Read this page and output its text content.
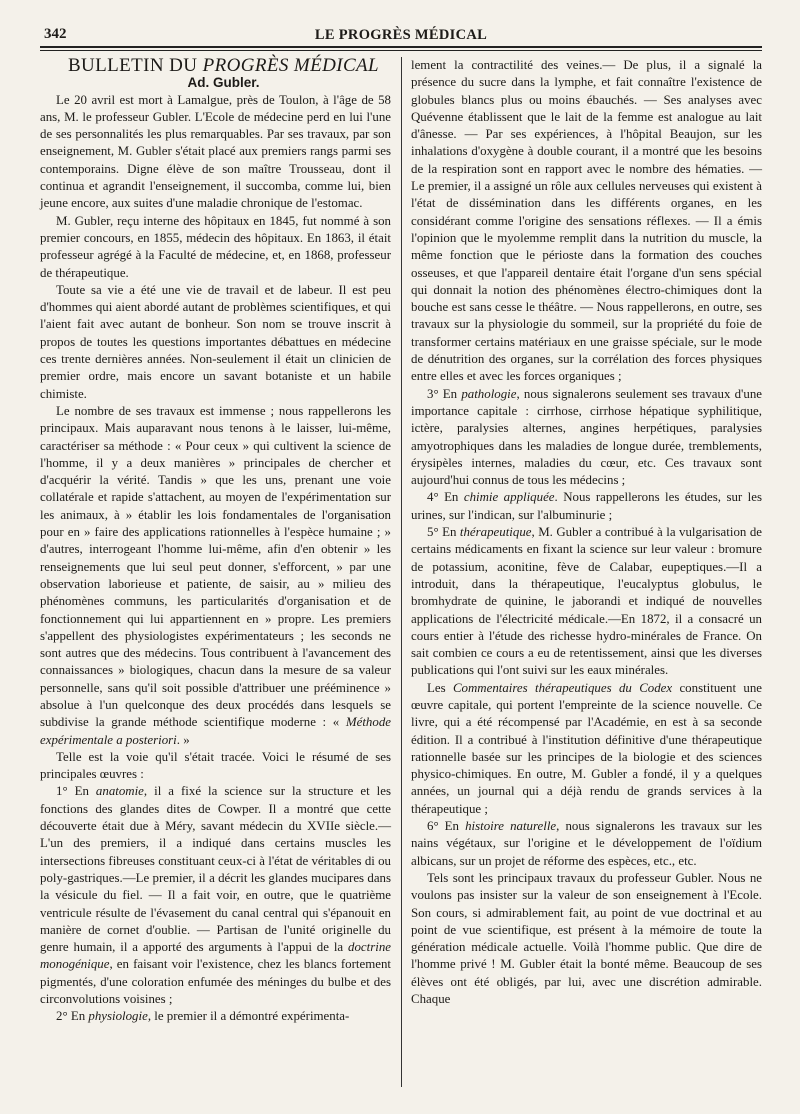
342	LE PROGRÈS MÉDICAL

BULLETIN DU PROGRÈS MÉDICAL

Ad. Gubler.

Le 20 avril est mort à Lamalgue, près de Toulon, à l'âge de 58 ans, M. le professeur Gubler. L'Ecole de médecine perd en lui l'une de ses personnalités les plus remarquables. Par ses travaux, par son enseignement, M. Gubler s'était placé aux premiers rangs parmi ses contemporains. Digne élève de son maître Trousseau, dont il continua et agrandit l'enseignement, il succomba, comme lui, bien jeune encore, aux suites d'une maladie chronique de l'estomac.

M. Gubler, reçu interne des hôpitaux en 1845, fut nommé à son premier concours, en 1855, médecin des hôpitaux. En 1863, il était professeur agrégé à la Faculté de médecine, et, en 1868, professeur de thérapeutique.

Toute sa vie a été une vie de travail et de labeur. Il est peu d'hommes qui aient abordé autant de problèmes scientifiques, et qui l'aient fait avec autant de bonheur. Son nom se trouve inscrit à propos de toutes les questions importantes débattues en médecine ces trente dernières années. Non-seulement il était un clinicien de premier ordre, mais encore un savant botaniste et un habile chimiste.

Le nombre de ses travaux est immense ; nous rappellerons les principaux. Mais auparavant nous tenons à le laisser, lui-même, caractériser sa méthode : « Pour ceux » qui cultivent la science de l'homme, il y a deux manières » principales de chercher et d'acquérir la vérité. Tandis » que les uns, prenant une voie collatérale et rapide s'attachent, au moyen de l'expérimentation sur les animaux, à » établir les lois fondamentales de l'organisation pour en » faire des applications rationnelles à l'espèce humaine ; » d'autres, interrogeant l'homme lui-même, afin d'en obtenir » les renseignements que lui seul peut donner, s'efforcent, » par une observation laborieuse et patiente, de saisir, au » milieu des phénomènes communs, les particularités d'organisation et de fonctionnement qui lui appartiennent en » propre. Les premiers s'appellent des physiologistes expérimentateurs ; les seconds ne sont autres que des médecins. Tous contribuent à l'avancement des connaissances » biologiques, chacun dans la mesure de sa valeur personnelle, sans qu'il soit possible d'attribuer une prééminence » absolue à l'un quelconque des deux procédés dans lesquels se subdivise la grande méthode scientifique moderne : « Méthode expérimentale a posteriori. »

Telle est la voie qu'il s'était tracée. Voici le résumé de ses principales œuvres :

1° En anatomie, il a fixé la science sur la structure et les fonctions des glandes dites de Cowper. Il a montré que cette découverte était due à Méry, savant médecin du XVIIe siècle.— L'un des premiers, il a indiqué dans certains muscles les intersections fibreuses constituant ceux-ci à l'état de véritables di ou poly-gastriques.—Le premier, il a décrit les glandes mucipares dans la vésicule du fiel. — Il a fait voir, en outre, que le quatrième ventricule résulte de l'évasement du canal central qui s'épanouit en manière de cornet d'oublie. — Partisan de l'unité originelle du genre humain, il a apporté des arguments à l'appui de la doctrine monogénique, en faisant voir l'existence, chez les blancs fortement pigmentés, d'une coloration enfumée des méninges du bulbe et des circonvolutions voisines ;

2° En physiologie, le premier il a démontré expérimenta-

lement la contractilité des veines.— De plus, il a signalé la présence du sucre dans la lymphe, et fait connaître l'existence de globules blancs plus ou moins ébauchés. — Ses analyses avec Quévenne établissent que le lait de la femme est analogue au lait d'ânesse. — Par ses expériences, à l'hôpital Beaujon, sur les inhalations d'oxygène à double courant, il a montré que les besoins de la respiration sont en rapport avec le nombre des hématies. — Le premier, il a assigné un rôle aux cellules nerveuses qui existent à l'état de dissémination dans les différents organes, en les considérant comme l'origine des sensations réflexes. — Il a émis l'opinion que le myolemme remplit dans la nutrition du muscle, la même fonction que le périoste dans la formation des couches osseuses, et que l'appareil dentaire était l'organe d'un sens spécial qui donnait la notion des phénomènes électro-chimiques dont la bouche est sans cesse le théâtre. — Nous rappellerons, en outre, ses travaux sur la physiologie du sommeil, sur la propriété du foie de transformer certains matériaux en une graisse spéciale, sur le mode de dénutrition des organes, sur la corrélation des forces physiques entre elles et avec les forces organiques ;

3° En pathologie, nous signalerons seulement ses travaux d'une importance capitale : cirrhose, cirrhose hépatique syphilitique, ictère, paralysies alternes, angines herpétiques, paralysies amyotrophiques dans les maladies de longue durée, tremblements, érysipèles internes, maladies du cœur, etc. Ces travaux sont aujourd'hui connus de tous les médecins ;

4° En chimie appliquée. Nous rappellerons les études, sur les urines, sur l'indican, sur l'albuminurie ;

5° En thérapeutique, M. Gubler a contribué à la vulgarisation de certains médicaments en fixant la science sur leur valeur : bromure de potassium, aconitine, fève de Calabar, eupeptiques.—Il a introduit, dans la thérapeutique, l'eucalyptus globulus, le bromhydrate de quinine, le jaborandi et indiqué de nouvelles applications de l'électricité médicale.—En 1872, il a consacré un cours entier à l'étude des richesse hydro-minérales de France. On sait combien ce cours a eu de retentissement, ainsi que les diverses publications qui l'ont suivi sur les eaux minérales.

Les Commentaires thérapeutiques du Codex constituent une œuvre capitale, qui portent l'empreinte de la science nouvelle. Ce livre, qui a été récompensé par l'Académie, en est à sa seconde édition. Il a contribué à l'institution définitive d'une thérapeutique rationnelle basée sur les principes de la biologie et des sciences physico-chimiques. En outre, M. Gubler a fondé, il y a quelques années, un journal qui a déjà rendu de grands services à la thérapeutique ;

6° En histoire naturelle, nous signalerons les travaux sur les nains végétaux, sur l'origine et le développement de l'oïdium albicans, sur un projet de réforme des espèces, etc., etc.

Tels sont les principaux travaux du professeur Gubler. Nous ne voulons pas insister sur la valeur de son enseignement à l'Ecole. Son cours, si admirablement fait, au point de vue doctrinal et au point de vue scientifique, est présent à la mémoire de toute la génération médicale actuelle. Voilà l'homme public. Que dire de l'homme privé ! M. Gubler était la bonté même. Beaucoup de ses élèves ont été obligés, par lui, avec une discrétion admirable. Chaque
